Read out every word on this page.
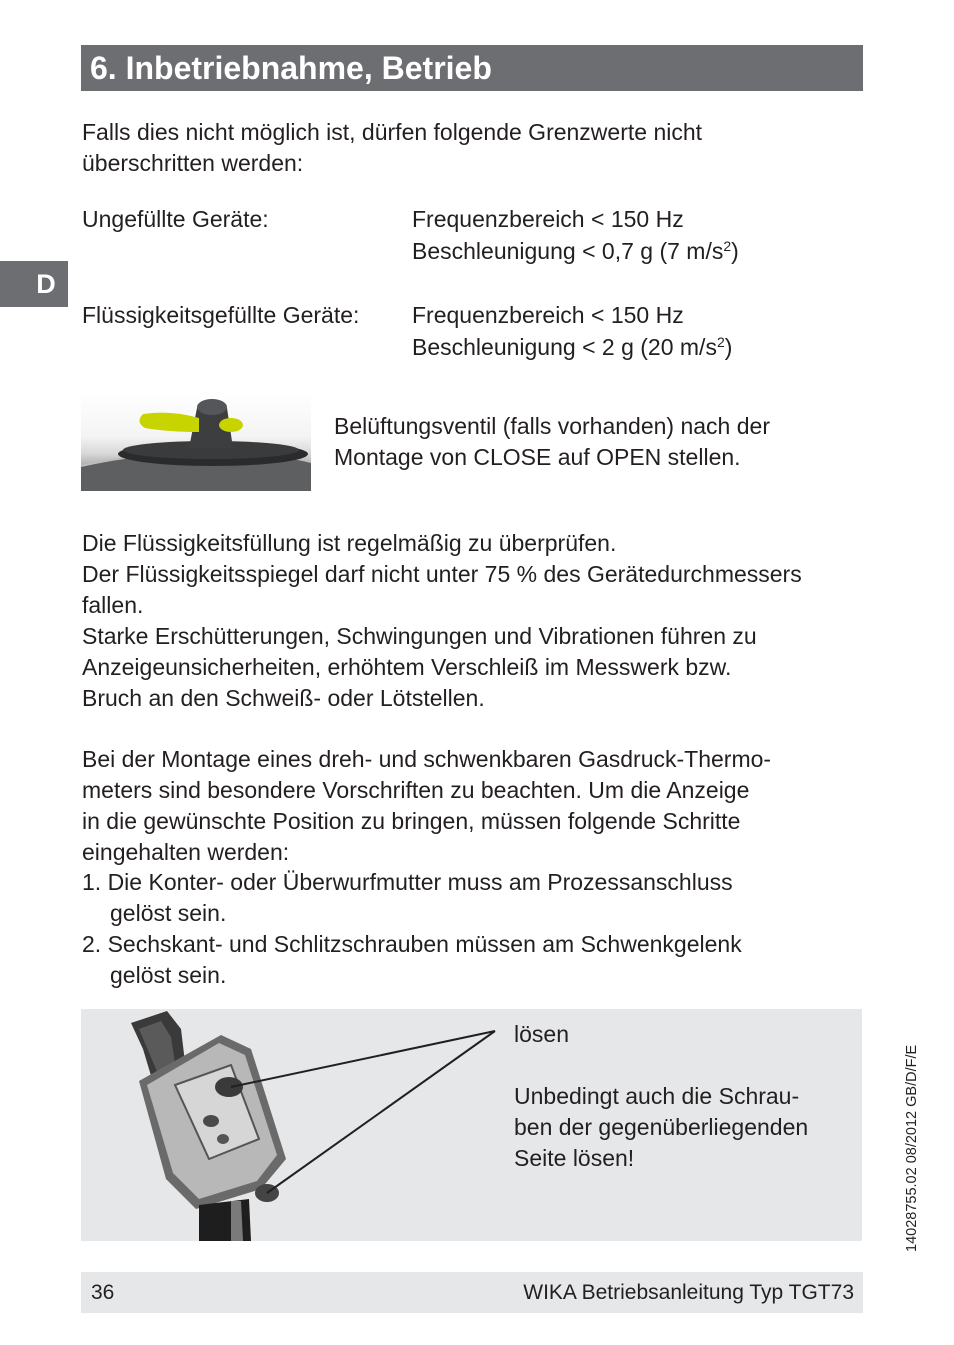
6. Inbetriebnahme, Betrieb
D
Falls dies nicht möglich ist, dürfen folgende Grenzwerte nicht
überschritten werden:
Ungefüllte Geräte:	Frequenzbereich < 150 Hz
Beschleunigung < 0,7 g (7 $m/s^2$)
Flüssigkeitsgefüllte Geräte: Frequenzbereich < 150 Hz
Beschleunigung < 2 g (20 $m/s^2$)
Belüftungsventil (falls vorhanden) nach der
Montage von CLOSE auf OPEN stellen.
Die Flüssigkeitsfüllung ist regelmäßig zu überprüfen.
Der Flüssigkeitsspiegel darf nicht unter 75 % des Gerätedurchmessers
fallen.
Starke Erschütterungen, Schwingungen und Vibrationen führen zu
Anzeigeunsicherheiten, erhöhtem Verschleiß im Messwerk bzw.
Bruch an den Schweiß- oder Lötstellen.
Bei der Montage eines dreh- und schwenkbaren Gasdruck-Thermo-
meters sind besondere Vorschriften zu beachten. Um die Anzeige
in die gewünschte Position zu bringen, müssen folgende Schritte
eingehalten werden:
1. Die Konter- oder Überwurfmutter muss am Prozessanschluss
gelöst sein.
2. Sechskant- und Schlitzschrauben müssen am Schwenkgelenk
gelöst sein.
lösen
Unbedingt auch die Schrau-
ben der gegenüberliegenden
Seite lösen!	14028755.02 08/2012 GB/D/F/E
36	WIKA Betriebsanleitung Typ TGT73
